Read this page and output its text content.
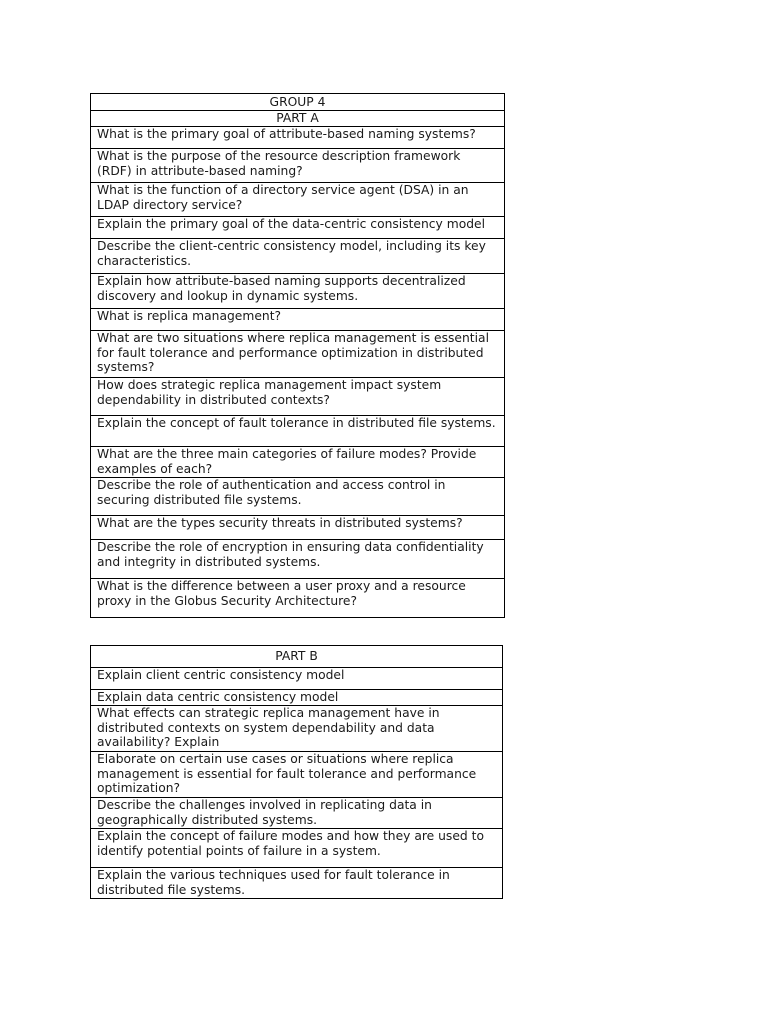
GROUP 4
PART A
What is the primary goal of attribute-based naming systems?
What is the purpose of the resource description framework (RDF) in attribute-based naming?
What is the function of a directory service agent (DSA) in an LDAP directory service?
Explain the primary goal of the data-centric consistency model
Describe the client-centric consistency model, including its key characteristics.
Explain how attribute-based naming supports decentralized discovery and lookup in dynamic systems.
What is replica management?
What are two situations where replica management is essential for fault tolerance and performance optimization in distributed systems?
How does strategic replica management impact system dependability in distributed contexts?
Explain the concept of fault tolerance in distributed file systems.
What are the three main categories of failure modes? Provide examples of each?
Describe the role of authentication and access control in securing distributed file systems.
What are the types security threats in distributed systems?
Describe the role of encryption in ensuring data confidentiality and integrity in distributed systems.
What is the difference between a user proxy and a resource proxy in the Globus Security Architecture?
PART B
Explain client centric consistency model
Explain data centric consistency model
What effects can strategic replica management have in distributed contexts on system dependability and data availability? Explain
Elaborate on certain use cases or situations where replica management is essential for fault tolerance and performance optimization?
Describe the challenges involved in replicating data in geographically distributed systems.
Explain the concept of failure modes and how they are used to identify potential points of failure in a system.
Explain the various techniques used for fault tolerance in distributed file systems.
